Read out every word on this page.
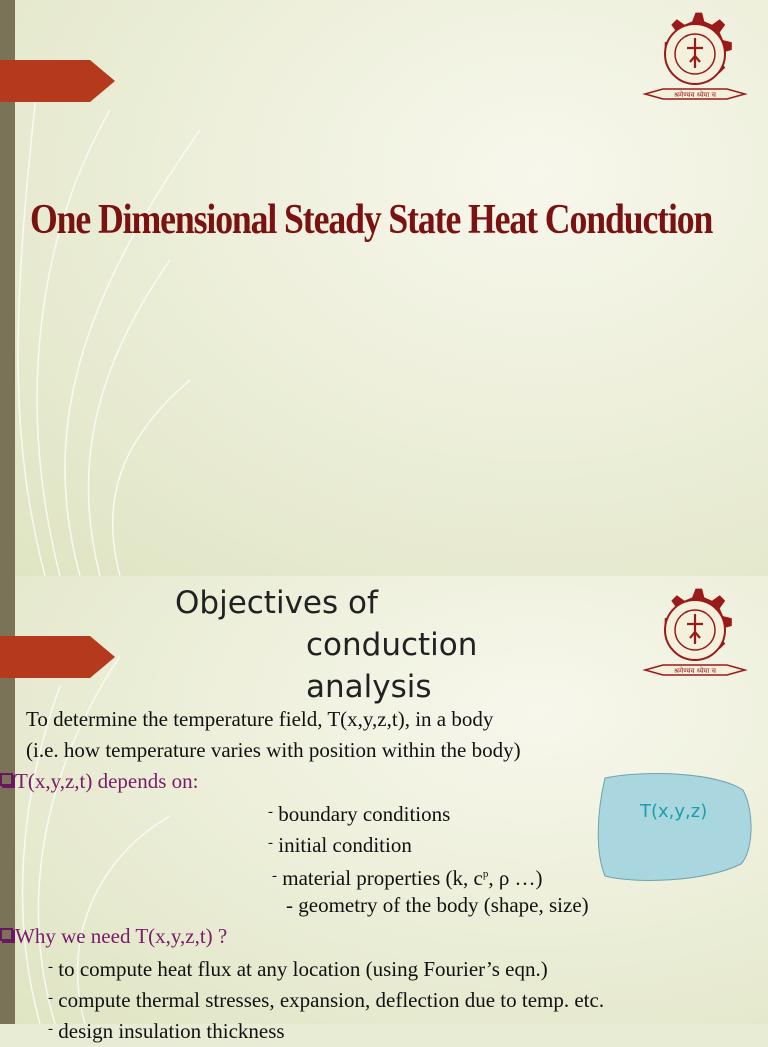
श्रमेण्यव ध्येया च
One Dimensional Steady State Heat Conduction
श्रमेण्यव ध्येया च
Objectives of
conduction
analysis
T(x,y,z)
To determine the temperature field, T(x,y,z,t), in a body
(i.e. how temperature varies with position within the body)
T(x,y,z,t) depends on:
- boundary conditions
- initial condition
- material properties (k, $c^p$, ρ …)
- geometry of the body (shape, size)
Why we need T(x,y,z,t) ?
- to compute heat flux at any location (using Fourier’s eqn.)
- compute thermal stresses, expansion, deflection due to temp. etc.
- design insulation thickness
